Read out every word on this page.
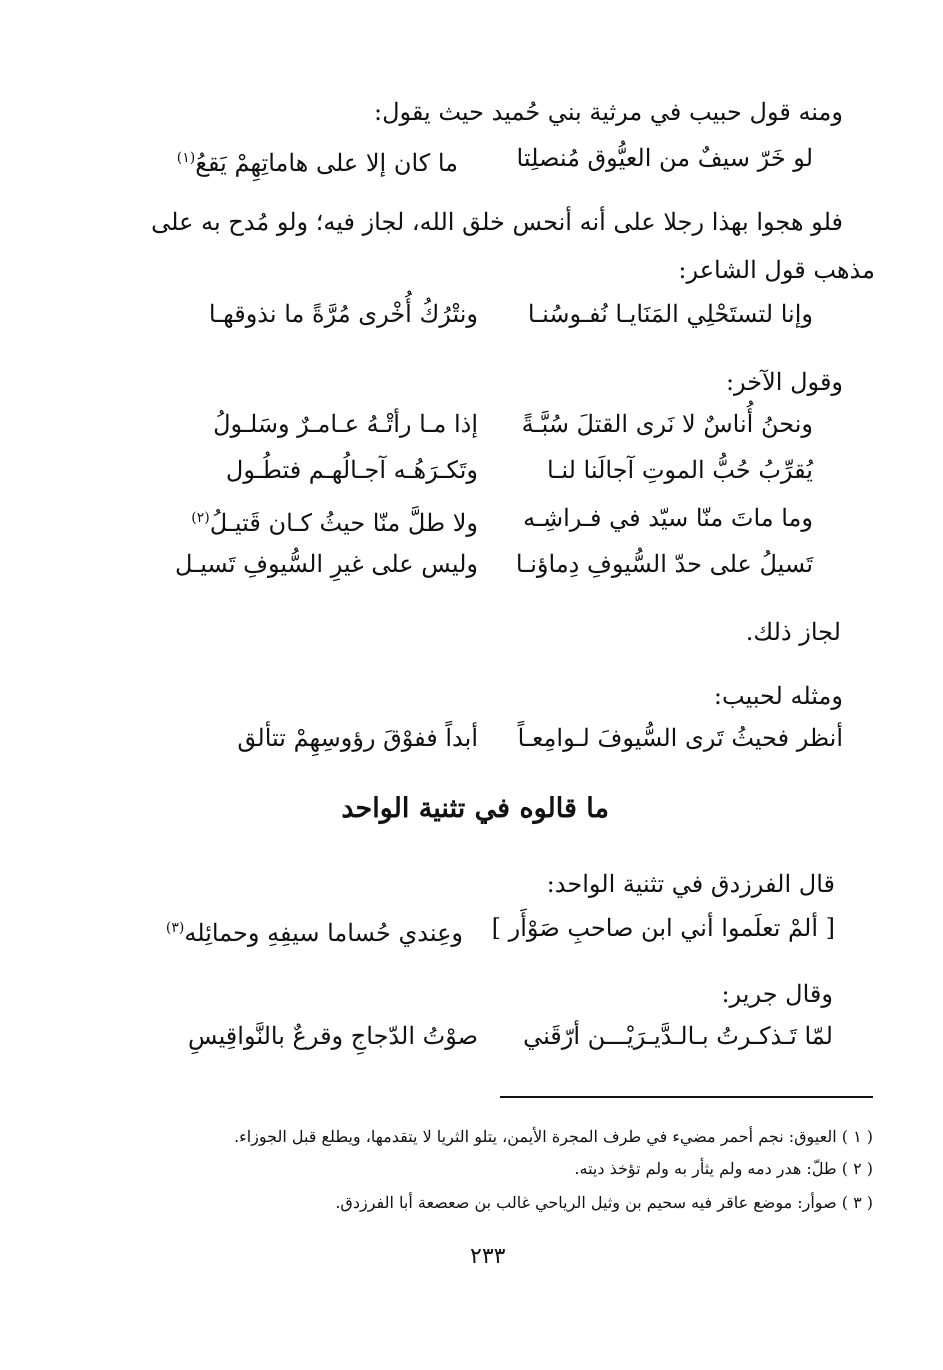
ومنه قول حبيب في مرثية بني حُميد حيث يقول:
لو خَرّ سيفٌ من العيُّوق مُنصلِتا
ما كان إلا على هاماتِهِمْ يَقعُ$^{(١)}$
فلو هجوا بهذا رجلا على أنه أنحس خلق الله، لجاز فيه؛ ولو مُدح به على
مذهب قول الشاعر:
وإنا لتستَحْلِي المَنَايـا نُفـوسُنـا
ونتْرُكُ أُخْرى مُرَّةً ما نذوقهـا
وقول الآخر:
ونحنُ أُناسٌ لا نَرى القتلَ سُبَّـةً
إذا مـا رأتْـهُ عـامـرٌ وسَلـولُ
يُقرِّبُ حُبُّ الموتِ آجالَنا لنـا
وتَكـرَهُـه آجـالُهـم فتطُـول
وما ماتَ منّا سيّد في فـراشِـه
ولا طلَّ منّا حيثُ كـان قَتيـلُ$^{(٢)}$
تَسيلُ على حدّ السُّيوفِ دِماؤنـا
وليس على غيرِ السُّيوفِ تَسيـل
لجاز ذلك.
ومثله لحبيب:
أنظر فحيثُ تَرى السُّيوفَ لـوامِعـاً
أبداً ففوْقَ رؤوسِهِمْ تتألق
ما قالوه في تثنية الواحد
قال الفرزدق في تثنية الواحد:
[ ألمْ تعلَموا أني ابن صاحبِ صَوْأَر ]
وعِندي حُساما سيفِهِ وحمائِله$^{(٣)}$
وقال جرير:
لمّا تَـذكـرتُ بـالـدَّيـرَيْـــن أرّقَني
صوْتُ الدّجاجِ وقرعٌ بالنَّواقِيسِ
( ١ ) العيوق: نجم أحمر مضيء في طرف المجرة الأيمن، يتلو الثريا لا يتقدمها، ويطلع قبل الجوزاء.
( ٢ ) طلّ: هدر دمه ولم يثأر به ولم تؤخذ ديته.
( ٣ ) صوأر: موضع عاقر فيه سحيم بن وثيل الرياحي غالب بن صعصعة أبا الفرزدق.
٢٣٣
